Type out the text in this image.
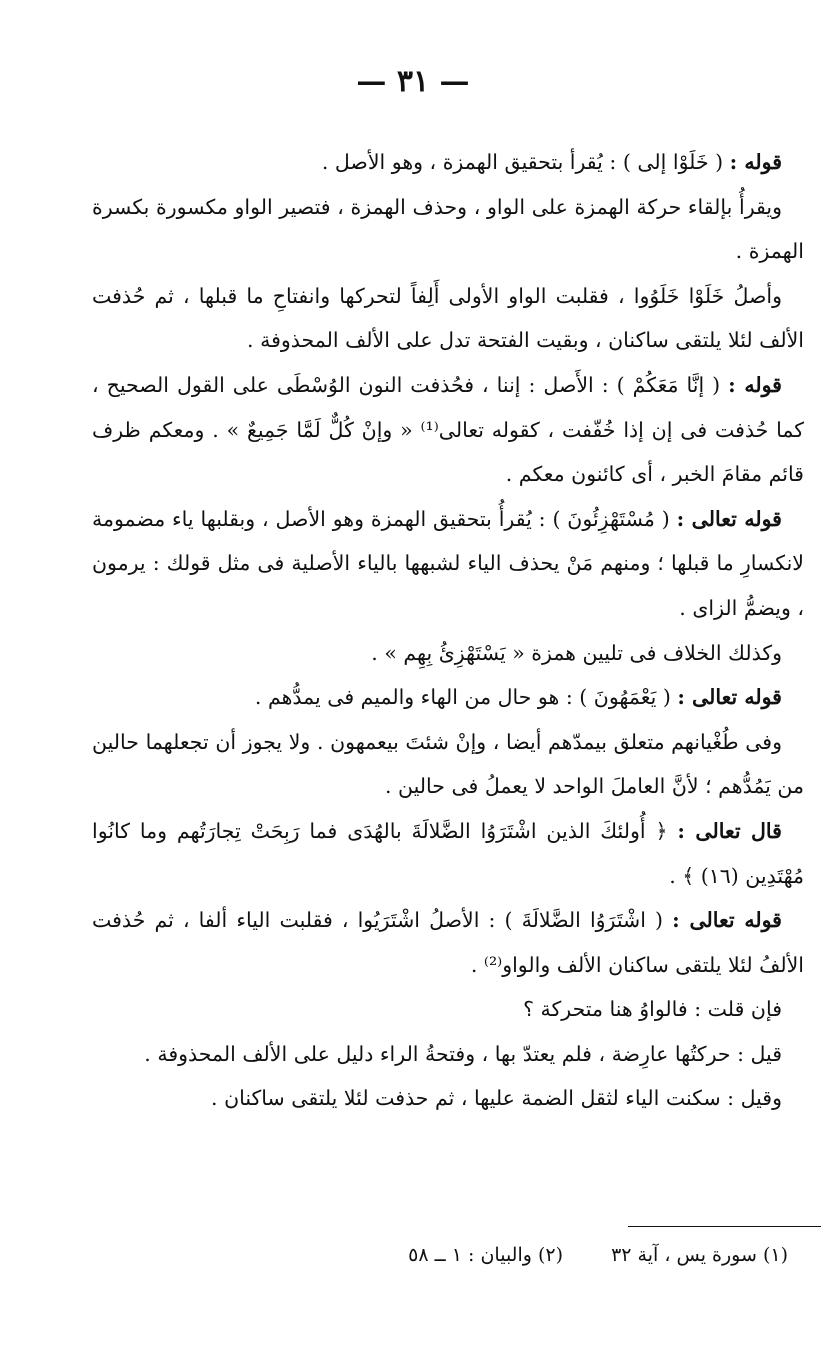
— ٣١ —

قوله : ( خَلَوْا إلى ) : يُقرأ بتحقيق الهمزة ، وهو الأصل .

ويقرأُ بإلقاء حركة الهمزة على الواو ، وحذف الهمزة ، فتصير الواو مكسورة بكسرة الهمزة .

وأصلُ خَلَوْا خَلَوُوا ، فقلبت الواو الأولى أَلِفاً لتحركها وانفتاحِ ما قبلها ، ثم حُذفت الألف لئلا يلتقى ساكنان ، وبقيت الفتحة تدل على الألف المحذوفة .

قوله : ( إنَّا مَعَكُمْ ) : الأَصل : إننا ، فحُذفت النون الوُسْطَى على القول الصحيح ، كما حُذفت فى إن إذا خُفّفت ، كقوله تعالى⁽¹⁾ « وإنْ كُلٌّ لَمَّا جَمِيعٌ » . ومعكم ظرف قائم مقامَ الخبر ، أى كائنون معكم .

قوله تعالى : ( مُسْتَهْزِئُونَ ) : يُقرأُ بتحقيق الهمزة وهو الأصل ، وبقلبها ياء مضمومة لانكسارِ ما قبلها ؛ ومنهم مَنْ يحذف الياء لشبهها بالياء الأصلية فى مثل قولك : يرمون ، ويضمُّ الزاى .

وكذلك الخلاف فى تليين همزة « يَسْتَهْزِئُ بِهِم » .

قوله تعالى : ( يَعْمَهُونَ ) : هو حال من الهاء والميم فى يمدُّهم .

وفى طُغْيانهم متعلق بيمدّهم أيضا ، وإنْ شئتَ بيعمهون . ولا يجوز أن تجعلهما حالين من يَمُدُّهم ؛ لأنَّ العاملَ الواحد لا يعملُ فى حالين .

قال تعالى : ﴿ أُولئكَ الذين اشْتَرَوُا الضَّلالَةَ بالهُدَى فما رَبِحَتْ تِجارَتُهم وما كانُوا مُهْتَدِين (١٦) ﴾ .

قوله تعالى : ( اشْتَرَوُا الضَّلالَةَ ) : الأصلُ اشْتَرَيُوا ، فقلبت الياء ألفا ، ثم حُذفت الألفُ لئلا يلتقى ساكنان الألف والواو⁽²⁾ .

فإن قلت : فالواوُ هنا متحركة ؟

قيل : حركتُها عارِضة ، فلم يعتدّ بها ، وفتحةُ الراء دليل على الألف المحذوفة .

وقيل : سكنت الياء لثقل الضمة عليها ، ثم حذفت لئلا يلتقى ساكنان .

(١) سورة يس ، آية ٣٢ (٢) والبيان : ١ ــ ٥٨
